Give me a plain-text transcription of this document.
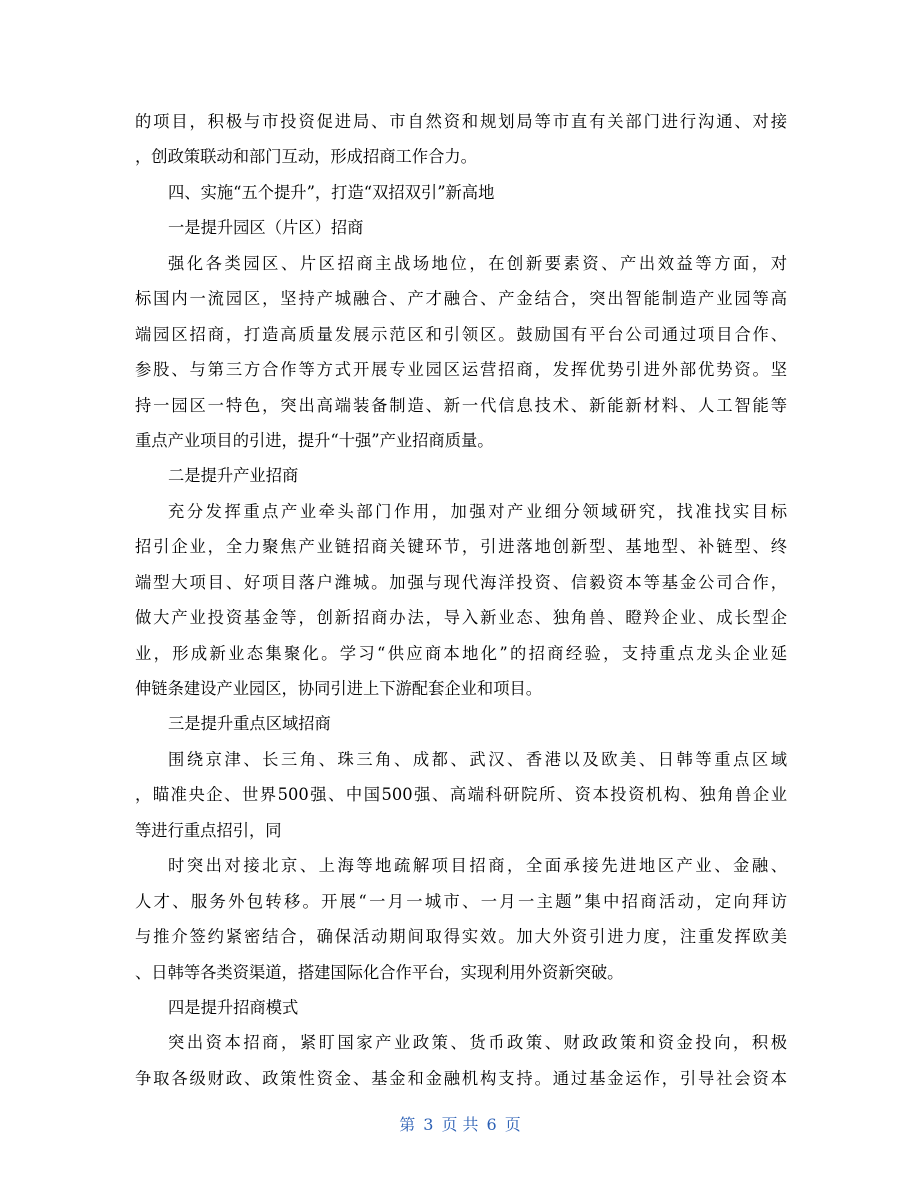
的项目，积极与市投资促进局、市自然资和规划局等市直有关部门进行沟通、对接
，创政策联动和部门互动，形成招商工作合力。
四、实施“五个提升”，打造“双招双引”新高地
一是提升园区（片区）招商
强化各类园区、片区招商主战场地位，在创新要素资、产出效益等方面，对
标国内一流园区，坚持产城融合、产才融合、产金结合，突出智能制造产业园等高
端园区招商，打造高质量发展示范区和引领区。鼓励国有平台公司通过项目合作、
参股、与第三方合作等方式开展专业园区运营招商，发挥优势引进外部优势资。坚
持一园区一特色，突出高端装备制造、新一代信息技术、新能新材料、人工智能等
重点产业项目的引进，提升“十强”产业招商质量。
二是提升产业招商
充分发挥重点产业牵头部门作用，加强对产业细分领域研究，找准找实目标
招引企业，全力聚焦产业链招商关键环节，引进落地创新型、基地型、补链型、终
端型大项目、好项目落户潍城。加强与现代海洋投资、信毅资本等基金公司合作，
做大产业投资基金等，创新招商办法，导入新业态、独角兽、瞪羚企业、成长型企
业，形成新业态集聚化。学习“供应商本地化”的招商经验，支持重点龙头企业延
伸链条建设产业园区，协同引进上下游配套企业和项目。
三是提升重点区域招商
围绕京津、长三角、珠三角、成都、武汉、香港以及欧美、日韩等重点区域
，瞄准央企、世界500强、中国500强、高端科研院所、资本投资机构、独角兽企业
等进行重点招引，同
时突出对接北京、上海等地疏解项目招商，全面承接先进地区产业、金融、
人才、服务外包转移。开展“一月一城市、一月一主题”集中招商活动，定向拜访
与推介签约紧密结合，确保活动期间取得实效。加大外资引进力度，注重发挥欧美
、日韩等各类资渠道，搭建国际化合作平台，实现利用外资新突破。
四是提升招商模式
突出资本招商，紧盯国家产业政策、货币政策、财政政策和资金投向，积极
争取各级财政、政策性资金、基金和金融机构支持。通过基金运作，引导社会资本
第 3 页 共 6 页
